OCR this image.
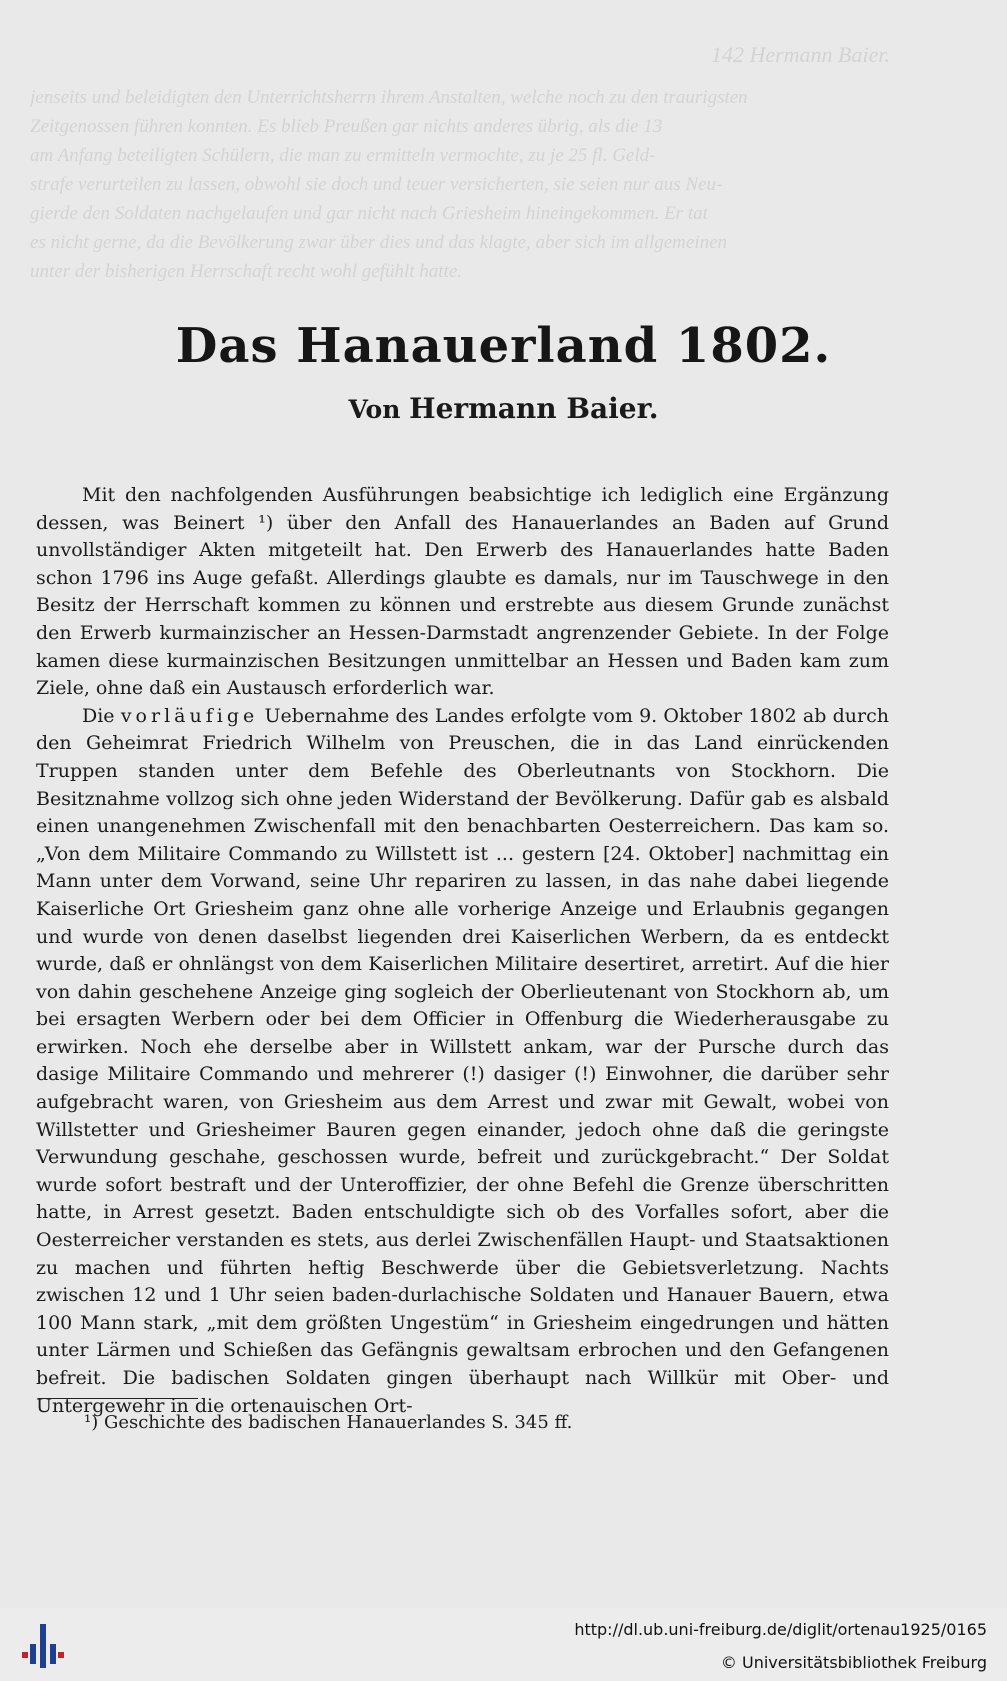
142 Hermann Baier.
jenseits und beleidigten den Unterrichtsherrn ihrem Anstalten, welche noch zu den traurigsten
Zeitgenossen führen konnten. Es blieb Preußen gar nichts anderes übrig, als die 13
am Anfang beteiligten Schülern, die man zu ermitteln vermochte, zu je 25 fl. Geld-
strafe verurteilen zu lassen, obwohl sie doch und teuer versicherten, sie seien nur aus Neu-
gierde den Soldaten nachgelaufen und gar nicht nach Griesheim hineingekommen. Er tat
es nicht gerne, da die Bevölkerung zwar über dies und das klagte, aber sich im allgemeinen
unter der bisherigen Herrschaft recht wohl gefühlt hatte.
Das Hanauerland 1802.
Von Hermann Baier.

Mit den nachfolgenden Ausführungen beabsichtige ich lediglich eine Ergänzung dessen, was Beinert ¹) über den Anfall des Hanauerlandes an Baden auf Grund unvollständiger Akten mitgeteilt hat. Den Erwerb des Hanauerlandes hatte Baden schon 1796 ins Auge gefaßt. Allerdings glaubte es damals, nur im Tauschwege in den Besitz der Herrschaft kommen zu können und erstrebte aus diesem Grunde zunächst den Erwerb kurmainzischer an Hessen-Darmstadt angrenzender Gebiete. In der Folge kamen diese kurmainzischen Besitzungen unmittelbar an Hessen und Baden kam zum Ziele, ohne daß ein Austausch erforderlich war.

Die vorläufige Uebernahme des Landes erfolgte vom 9. Oktober 1802 ab durch den Geheimrat Friedrich Wilhelm von Preuschen, die in das Land einrückenden Truppen standen unter dem Befehle des Oberleutnants von Stockhorn. Die Besitznahme vollzog sich ohne jeden Widerstand der Bevölkerung. Dafür gab es alsbald einen unangenehmen Zwischenfall mit den benachbarten Oesterreichern. Das kam so. „Von dem Militaire Commando zu Willstett ist ... gestern [24. Oktober] nachmittag ein Mann unter dem Vorwand, seine Uhr repariren zu lassen, in das nahe dabei liegende Kaiserliche Ort Griesheim ganz ohne alle vorherige Anzeige und Erlaubnis gegangen und wurde von denen daselbst liegenden drei Kaiserlichen Werbern, da es entdeckt wurde, daß er ohnlängst von dem Kaiserlichen Militaire desertiret, arretirt. Auf die hier von dahin geschehene Anzeige ging sogleich der Oberlieutenant von Stockhorn ab, um bei ersagten Werbern oder bei dem Officier in Offenburg die Wiederherausgabe zu erwirken. Noch ehe derselbe aber in Willstett ankam, war der Pursche durch das dasige Militaire Commando und mehrerer (!) dasiger (!) Einwohner, die darüber sehr aufgebracht waren, von Griesheim aus dem Arrest und zwar mit Gewalt, wobei von Willstetter und Griesheimer Bauren gegen einander, jedoch ohne daß die geringste Verwundung geschahe, geschossen wurde, befreit und zurückgebracht.“ Der Soldat wurde sofort bestraft und der Unteroffizier, der ohne Befehl die Grenze überschritten hatte, in Arrest gesetzt. Baden entschuldigte sich ob des Vorfalles sofort, aber die Oesterreicher verstanden es stets, aus derlei Zwischenfällen Haupt- und Staatsaktionen zu machen und führten heftig Beschwerde über die Gebietsverletzung. Nachts zwischen 12 und 1 Uhr seien baden-durlachische Soldaten und Hanauer Bauern, etwa 100 Mann stark, „mit dem größten Ungestüm“ in Griesheim eingedrungen und hätten unter Lärmen und Schießen das Gefängnis gewaltsam erbrochen und den Gefangenen befreit. Die badischen Soldaten gingen überhaupt nach Willkür mit Ober- und Untergewehr in die ortenauischen Ort-

¹) Geschichte des badischen Hanauerlandes S. 345 ff.
http://dl.ub.uni-freiburg.de/diglit/ortenau1925/0165
© Universitätsbibliothek Freiburg
